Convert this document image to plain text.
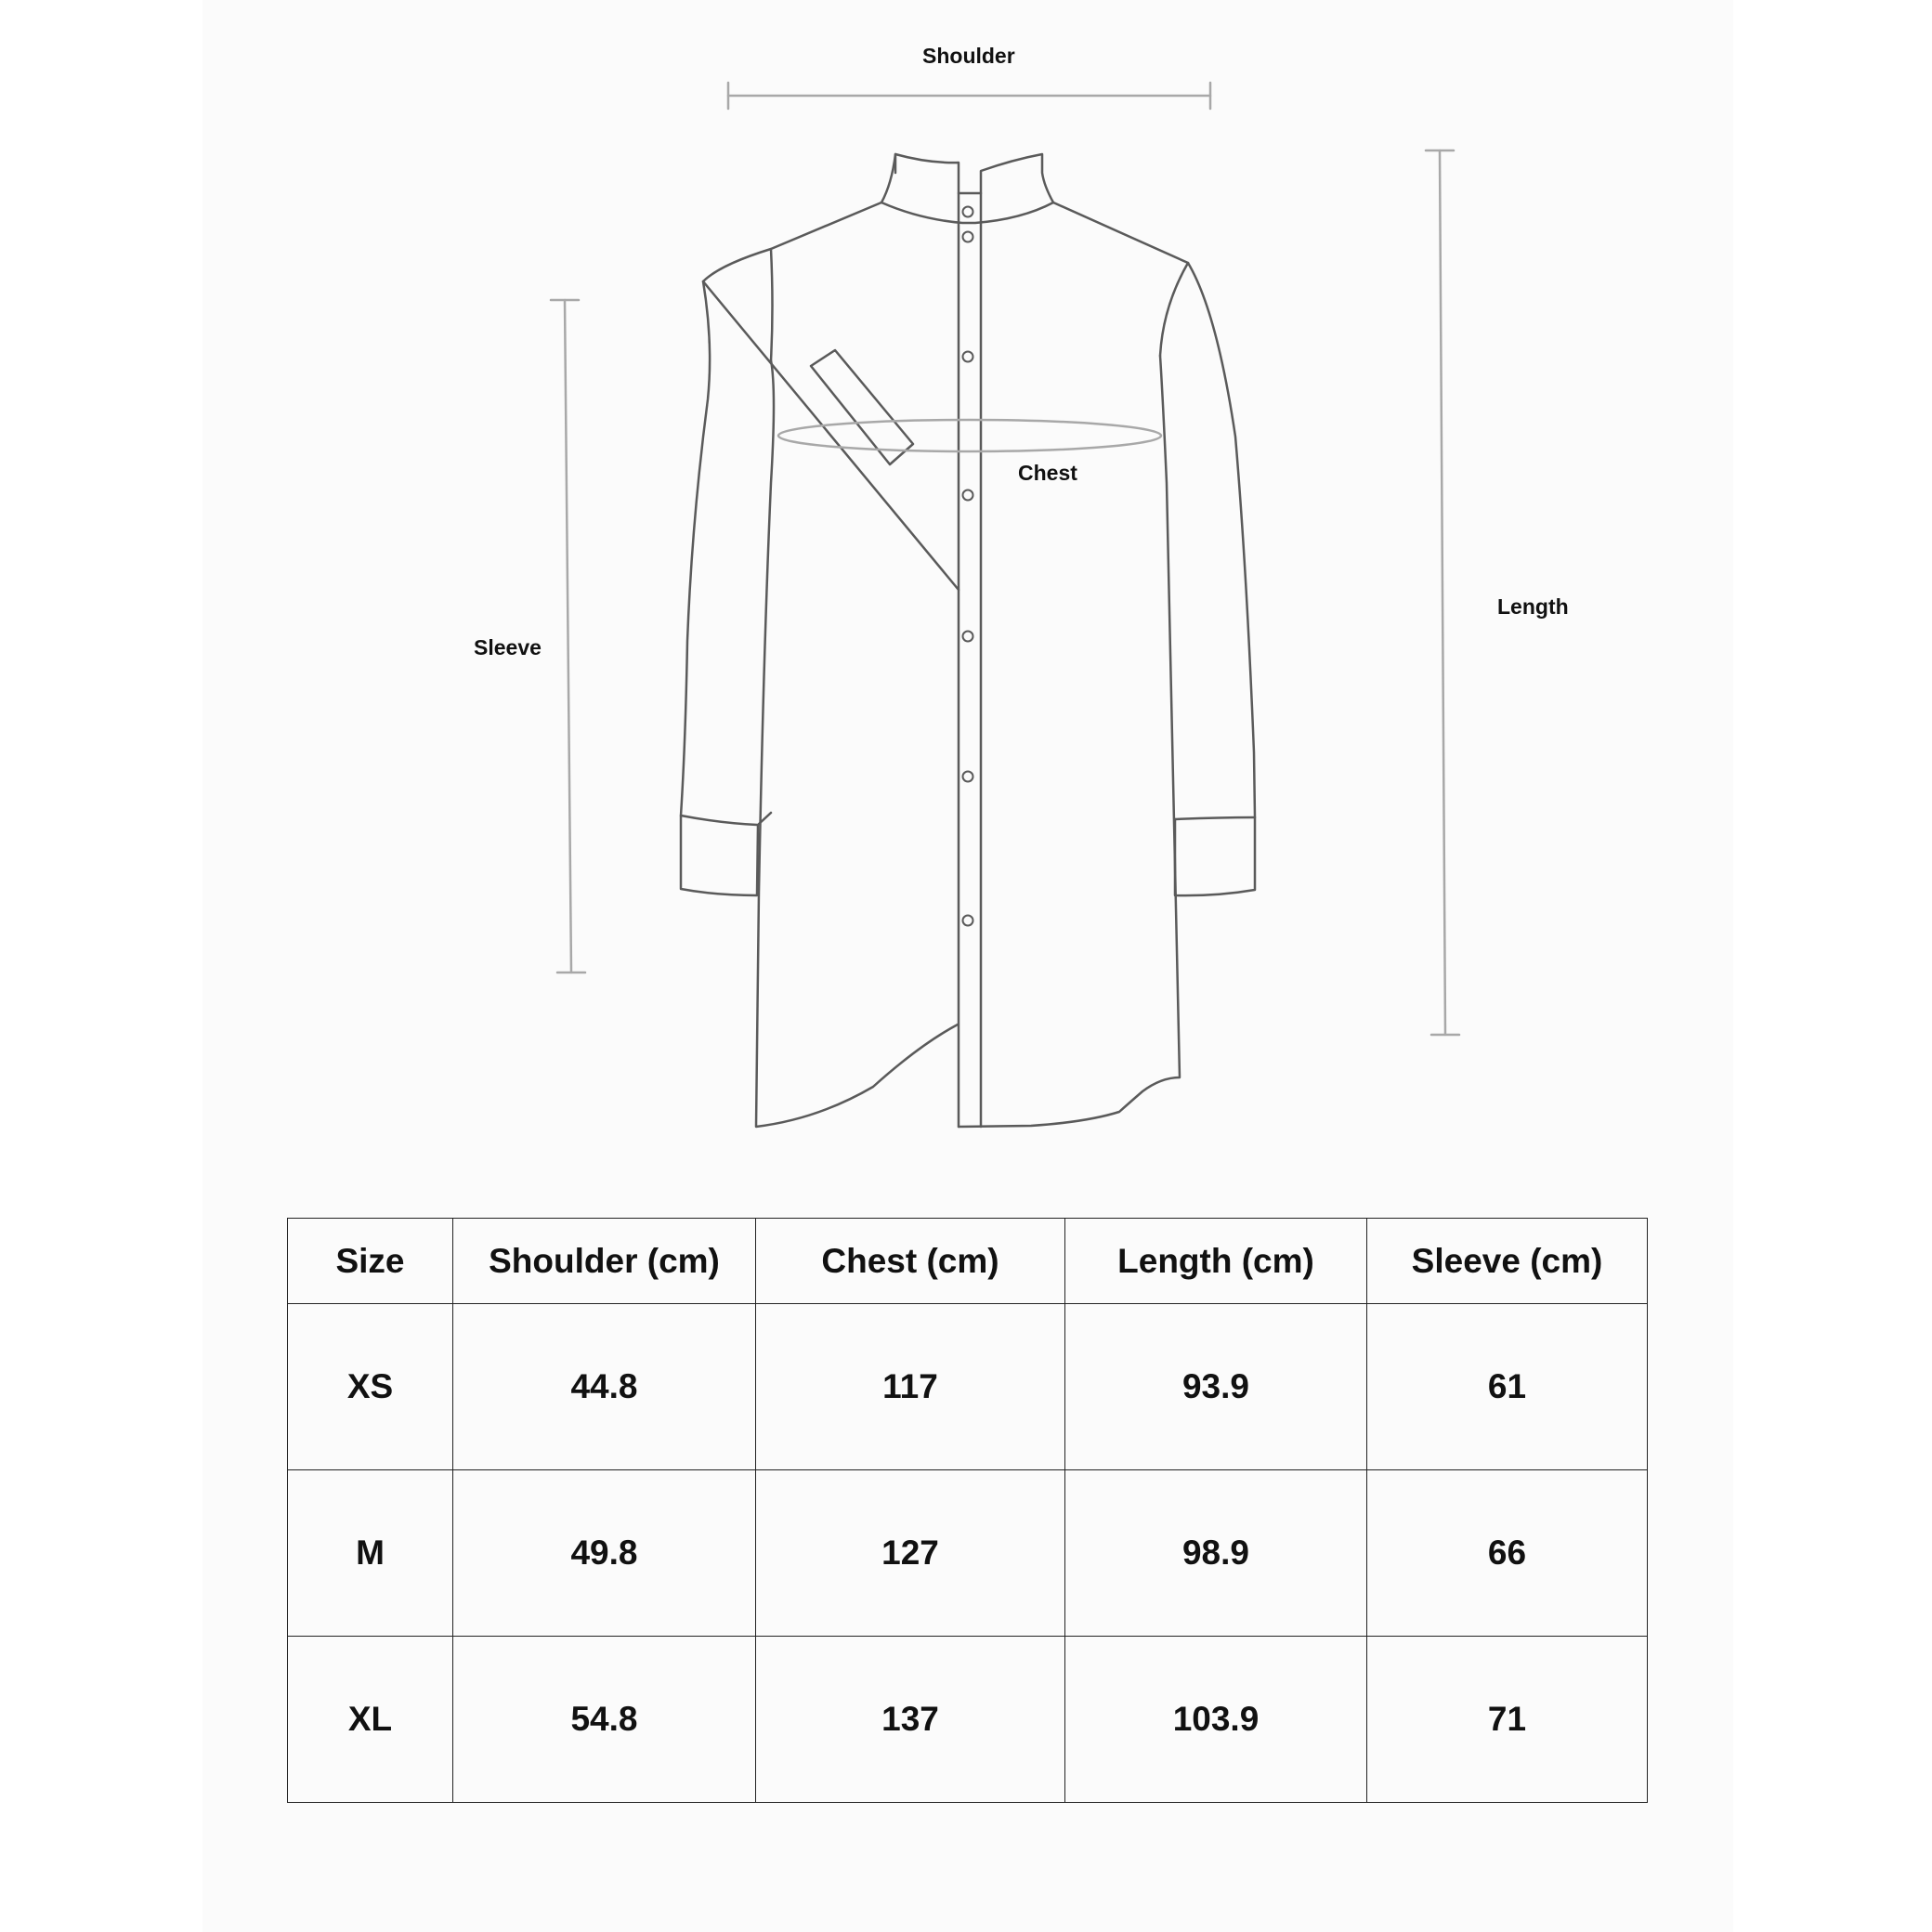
Shoulder
Chest
Sleeve
Length
Size	Shoulder (cm)	Chest (cm)	Length (cm)	Sleeve (cm)
XS	44.8	117	93.9	61
M	49.8	127	98.9	66
XL	54.8	137	103.9	71
